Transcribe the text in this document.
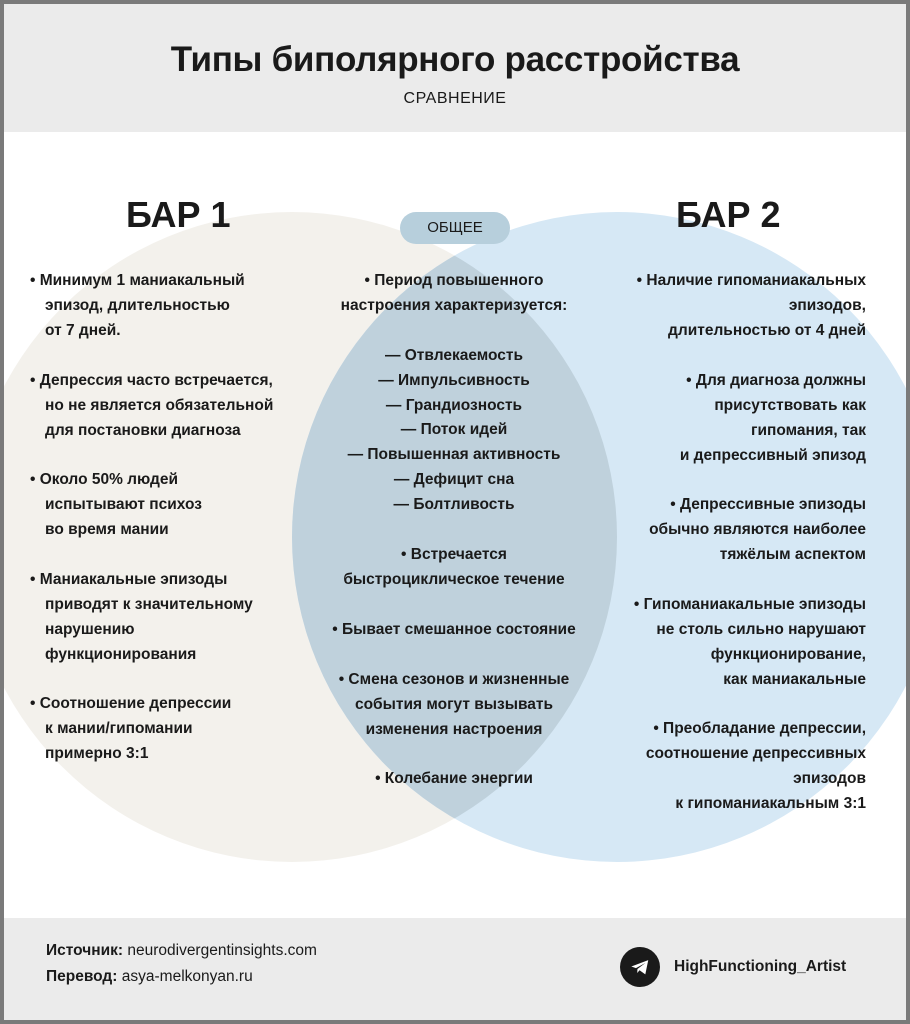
Типы биполярного расстройства
СРАВНЕНИЕ
БАР 1	БАР 2
ОБЩЕЕ
• Минимум 1 маниакальный
эпизод, длительностью
от 7 дней.
• Депрессия часто встречается,
но не является обязательной
для постановки диагноза
• Около 50% людей
испытывают психоз
во время мании
• Маниакальные эпизоды
приводят к значительному
нарушению
функционирования
• Соотношение депрессии
к мании/гипомании
примерно 3:1
• Период повышенного
настроения характеризуется:
— Отвлекаемость
— Импульсивность
— Грандиозность
— Поток идей
— Повышенная активность
— Дефицит сна
— Болтливость
• Встречается
быстроциклическое течение
• Бывает смешанное состояние
• Смена сезонов и жизненные
события могут вызывать
изменения настроения
• Колебание энергии
• Наличие гипоманиакальных
эпизодов,
длительностью от 4 дней
• Для диагноза должны
присутствовать как
гипомания, так
и депрессивный эпизод
• Депрессивные эпизоды
обычно являются наиболее
тяжёлым аспектом
• Гипоманиакальные эпизоды
не столь сильно нарушают
функционирование,
как маниакальные
• Преобладание депрессии,
соотношение депрессивных
эпизодов
к гипоманиакальным 3:1
Источник: neurodivergentinsights.com
Перевод: asya-melkonyan.ru
HighFunctioning_Artist
